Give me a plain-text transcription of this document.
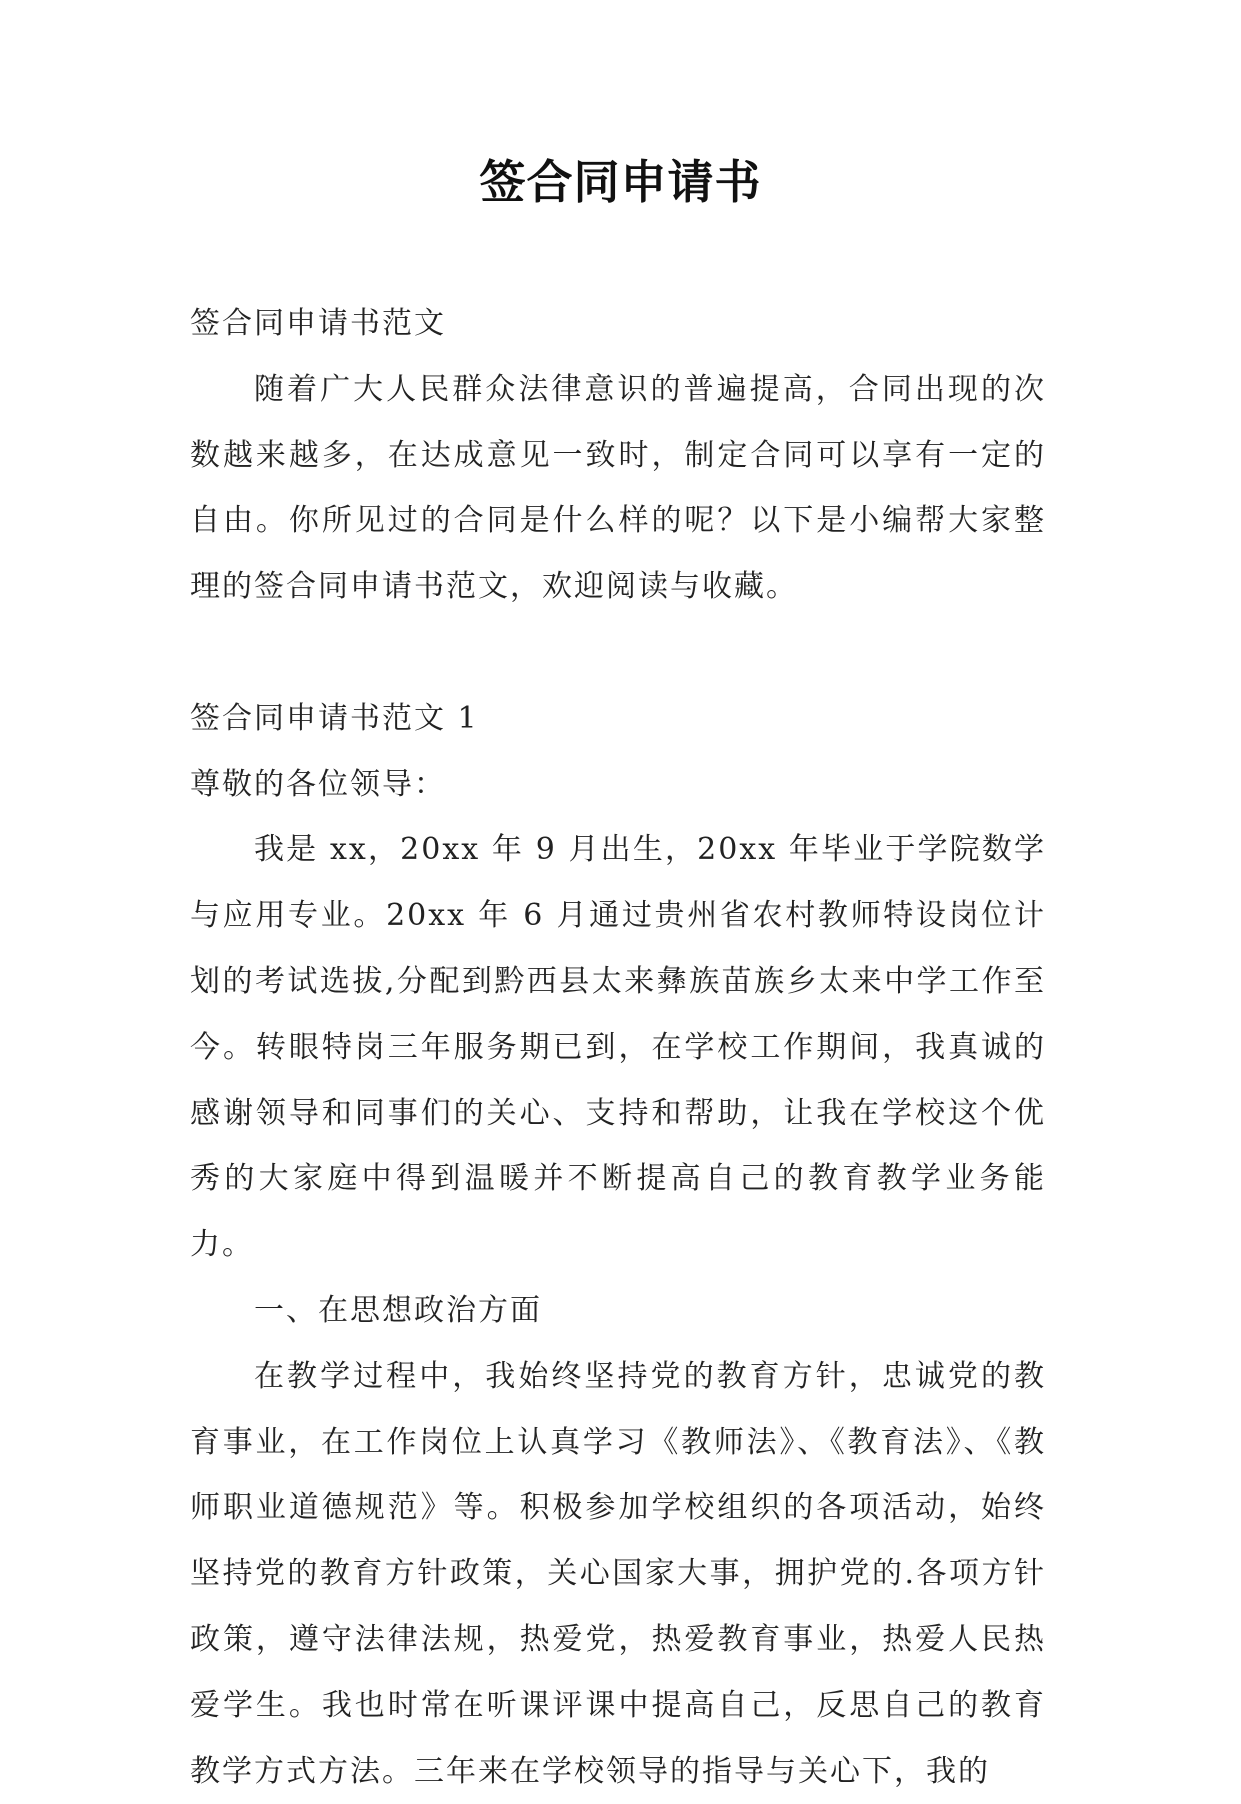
签合同申请书

签合同申请书范文

随着广大人民群众法律意识的普遍提高，合同出现的次数越来越多，在达成意见一致时，制定合同可以享有一定的自由。你所见过的合同是什么样的呢？以下是小编帮大家整理的签合同申请书范文，欢迎阅读与收藏。

签合同申请书范文 1

尊敬的各位领导：

我是 xx，20xx 年 9 月出生，20xx 年毕业于学院数学与应用专业。20xx 年 6 月通过贵州省农村教师特设岗位计划的考试选拔,分配到黔西县太来彝族苗族乡太来中学工作至今。转眼特岗三年服务期已到，在学校工作期间，我真诚的感谢领导和同事们的关心、支持和帮助，让我在学校这个优秀的大家庭中得到温暖并不断提高自己的教育教学业务能力。

一、在思想政治方面

在教学过程中，我始终坚持党的教育方针，忠诚党的教育事业，在工作岗位上认真学习《教师法》、《教育法》、《教师职业道德规范》等。积极参加学校组织的各项活动，始终坚持党的教育方针政策，关心国家大事，拥护党的.各项方针政策，遵守法律法规，热爱党，热爱教育事业，热爱人民热爱学生。我也时常在听课评课中提高自己，反思自己的教育教学方式方法。三年来在学校领导的指导与关心下，我的
